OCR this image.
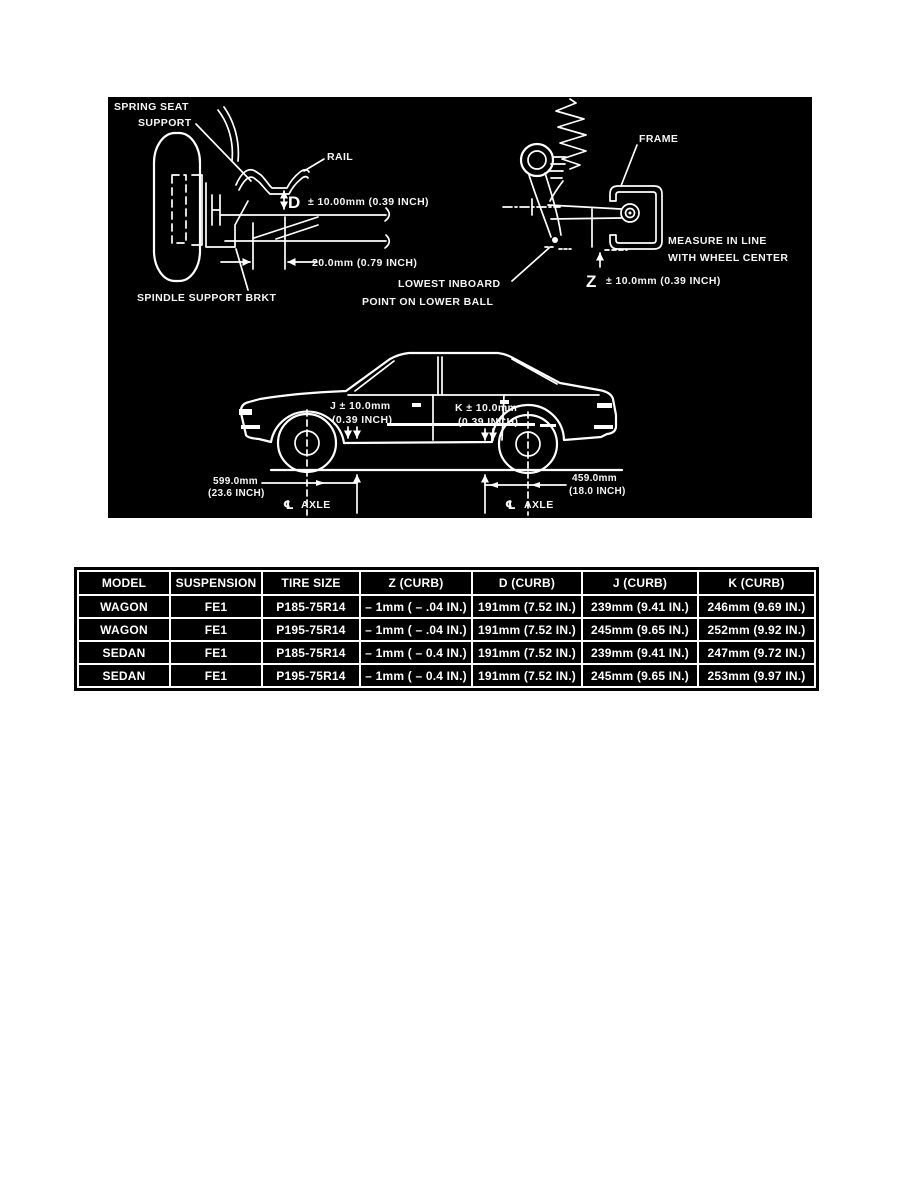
SPRING SEAT
SUPPORT
RAIL
D ± 10.00mm (0.39 INCH)
20.0mm (0.79 INCH)
SPINDLE SUPPORT BRKT
FRAME
MEASURE IN LINE
WITH WHEEL CENTER
Z ± 10.0mm (0.39 INCH)
LOWEST INBOARD
POINT ON LOWER BALL
J ± 10.0mm
(0.39 INCH)
K ± 10.0mm
(0.39 INCH)
599.0mm
(23.6 INCH)
459.0mm
(18.0 INCH)
℄ AXLE	℄ AXLE
MODEL	SUSPENSION	TIRE SIZE	Z (CURB)	D (CURB)	J (CURB)	K (CURB)
WAGON	FE1	P185-75R14	– 1mm ( – .04 IN.)	191mm (7.52 IN.)	239mm (9.41 IN.)	246mm (9.69 IN.)
WAGON	FE1	P195-75R14	– 1mm ( – .04 IN.)	191mm (7.52 IN.)	245mm (9.65 IN.)	252mm (9.92 IN.)
SEDAN	FE1	P185-75R14	– 1mm ( – 0.4 IN.)	191mm (7.52 IN.)	239mm (9.41 IN.)	247mm (9.72 IN.)
SEDAN	FE1	P195-75R14	– 1mm ( – 0.4 IN.)	191mm (7.52 IN.)	245mm (9.65 IN.)	253mm (9.97 IN.)
